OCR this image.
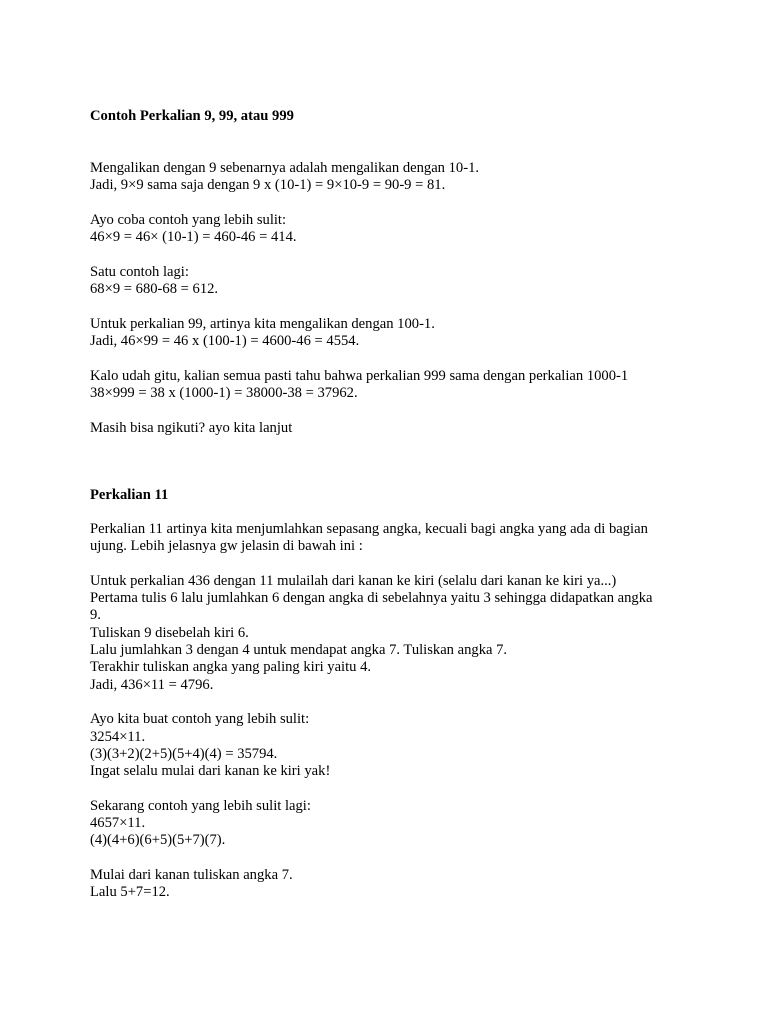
Contoh Perkalian 9, 99, atau 999
Mengalikan dengan 9 sebenarnya adalah mengalikan dengan 10-1.
Jadi, 9×9 sama saja dengan 9 x (10-1) = 9×10-9 = 90-9 = 81.
Ayo coba contoh yang lebih sulit:
46×9 = 46× (10-1) = 460-46 = 414.
Satu contoh lagi:
68×9 = 680-68 = 612.
Untuk perkalian 99, artinya kita mengalikan dengan 100-1.
Jadi, 46×99 = 46 x (100-1) = 4600-46 = 4554.
Kalo udah gitu, kalian semua pasti tahu bahwa perkalian 999 sama dengan perkalian 1000-1
38×999 = 38 x (1000-1) = 38000-38 = 37962.
Masih bisa ngikuti? ayo kita lanjut
Perkalian 11
Perkalian 11 artinya kita menjumlahkan sepasang angka, kecuali bagi angka yang ada di bagian
ujung. Lebih jelasnya gw jelasin di bawah ini :
Untuk perkalian 436 dengan 11 mulailah dari kanan ke kiri (selalu dari kanan ke kiri ya...)
Pertama tulis 6 lalu jumlahkan 6 dengan angka di sebelahnya yaitu 3 sehingga didapatkan angka
9.
Tuliskan 9 disebelah kiri 6.
Lalu jumlahkan 3 dengan 4 untuk mendapat angka 7. Tuliskan angka 7.
Terakhir tuliskan angka yang paling kiri yaitu 4.
Jadi, 436×11 = 4796.
Ayo kita buat contoh yang lebih sulit:
3254×11.
(3)(3+2)(2+5)(5+4)(4) = 35794.
Ingat selalu mulai dari kanan ke kiri yak!
Sekarang contoh yang lebih sulit lagi:
4657×11.
(4)(4+6)(6+5)(5+7)(7).
Mulai dari kanan tuliskan angka 7.
Lalu 5+7=12.
